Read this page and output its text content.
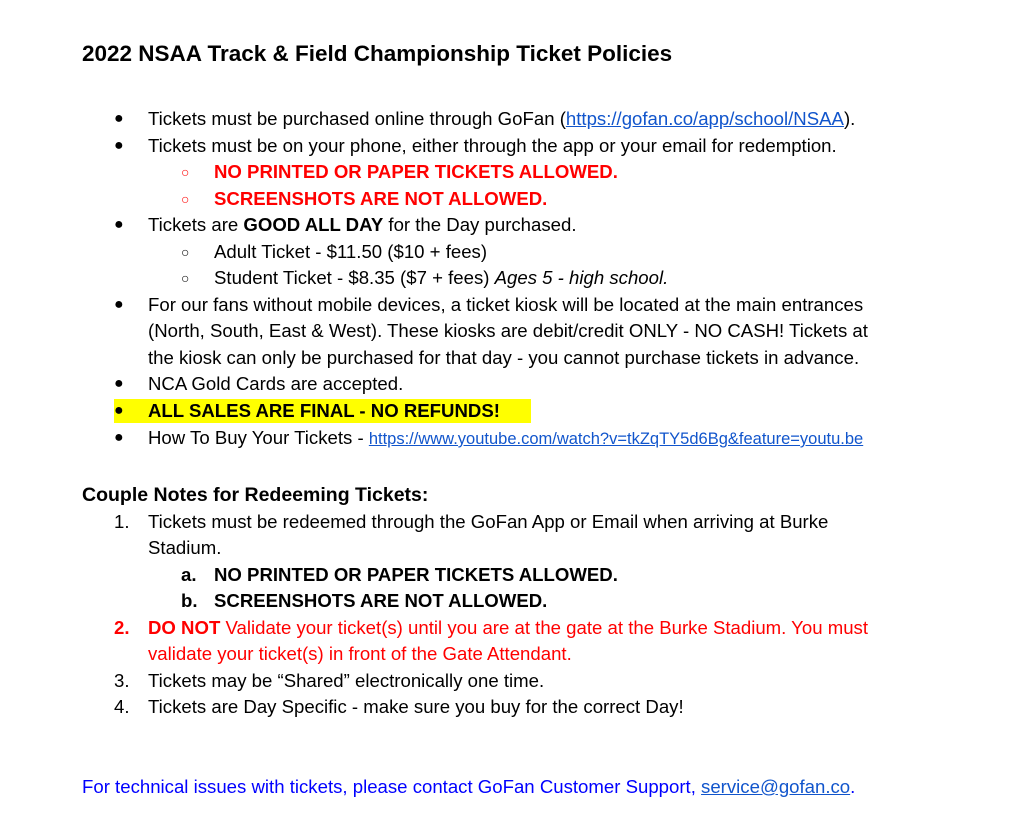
2022 NSAA Track & Field Championship Ticket Policies
● Tickets must be purchased online through GoFan (https://gofan.co/app/school/NSAA).
● Tickets must be on your phone, either through the app or your email for redemption.
○ NO PRINTED OR PAPER TICKETS ALLOWED.
○ SCREENSHOTS ARE NOT ALLOWED.
● Tickets are GOOD ALL DAY for the Day purchased.
○ Adult Ticket - $11.50 ($10 + fees)
○ Student Ticket - $8.35 ($7 + fees) Ages 5 - high school.
● For our fans without mobile devices, a ticket kiosk will be located at the main entrances
(North, South, East & West). These kiosks are debit/credit ONLY - NO CASH! Tickets at
the kiosk can only be purchased for that day - you cannot purchase tickets in advance.
● NCA Gold Cards are accepted.
● ALL SALES ARE FINAL - NO REFUNDS!
● How To Buy Your Tickets - https://www.youtube.com/watch?v=tkZqTY5d6Bg&feature=youtu.be
Couple Notes for Redeeming Tickets:
1. Tickets must be redeemed through the GoFan App or Email when arriving at Burke
Stadium.
a. NO PRINTED OR PAPER TICKETS ALLOWED.
b. SCREENSHOTS ARE NOT ALLOWED.
2. DO NOT Validate your ticket(s) until you are at the gate at the Burke Stadium. You must
validate your ticket(s) in front of the Gate Attendant.
3. Tickets may be “Shared” electronically one time.
4. Tickets are Day Specific - make sure you buy for the correct Day!
For technical issues with tickets, please contact GoFan Customer Support, service@gofan.co.
